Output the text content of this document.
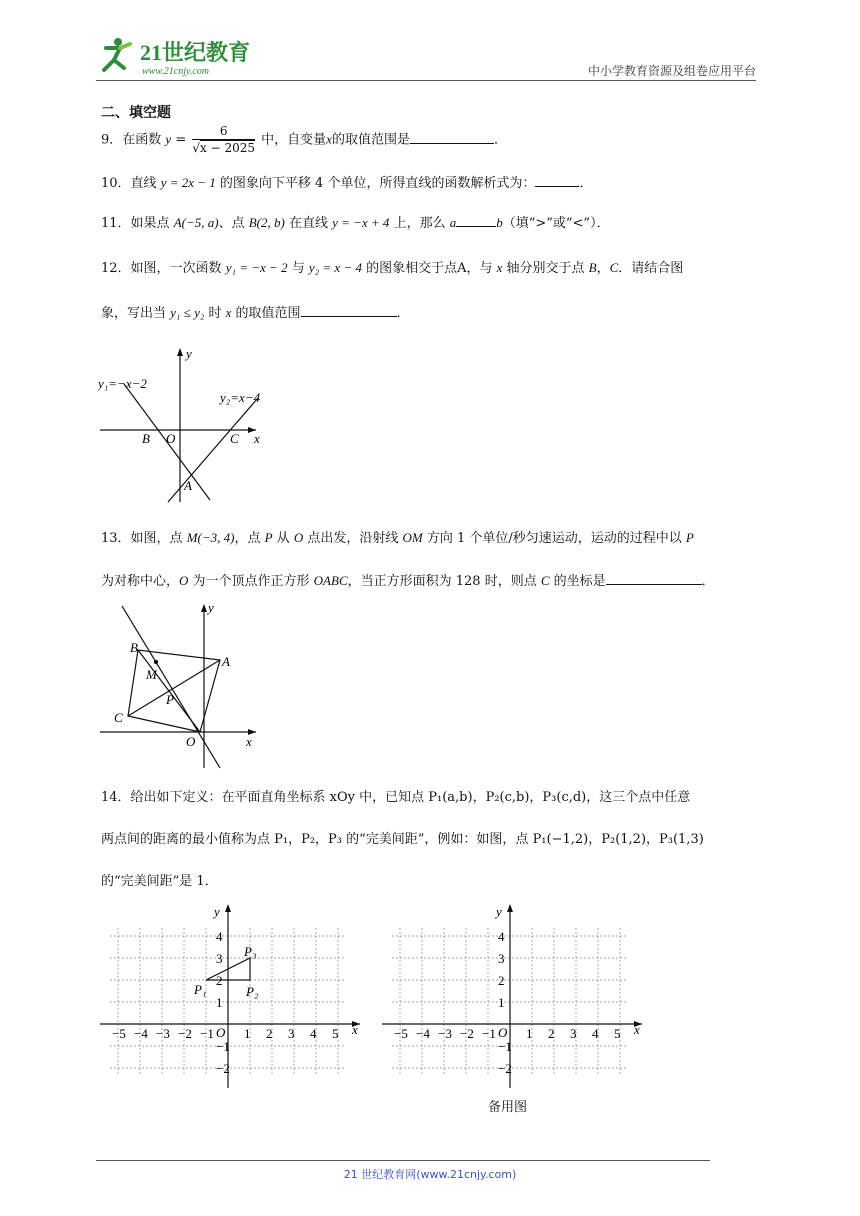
21世纪教育
www.21cnjy.com	中小学教育资源及组卷应用平台
二、填空题
9．在函数 $y = \frac{6}{√x - 2025}$ 中，自变量x的取值范围是	．
10．直线 y = 2x − 1 的图象向下平移 4 个单位，所得直线的函数解析式为：	．
11．如果点 A(−5, a)、点 B(2, b) 在直线 y = −x + 4 上，那么 a	b（填“>”或“<”）．
12．如图，一次函数 y₁ = −x − 2 与 y₂ = x − 4 的图象相交于点A，与 x 轴分别交于点 B，C．请结合图
象，写出当 y₁ ≤ y₂ 时 x 的取值范围	．
y₁=−x−2
y₂=x−4
B O	C
A
x
y
13．如图，点 M(−3, 4)，点 P 从 O 点出发，沿射线 OM 方向 1 个单位/秒匀速运动，运动的过程中以 P
为对称中心，O 为一个顶点作正方形 OABC，当正方形面积为 128 时，则点 C 的坐标是	．
B
M
A
P
C
O	x
y
14．给出如下定义：在平面直角坐标系 xOy 中，已知点 P₁(a,b)，P₂(c,b)，P₃(c,d)，这三个点中任意
两点间的距离的最小值称为点 P₁，P₂，P₃ 的“完美间距”，例如：如图，点 P₁(−1,2)，P₂(1,2)，P₃(1,3)
的“完美间距”是 1．
−5 −4 −3 −2 −1 1 2 3 4 5
4
3
2
1
−1
−2
O	x
y
P₁	P₂
P₃
−5 −4 −3 −2 −1 1 2 3 4 5
4
3
2
1
−1
−2
O	x
y
备用图
21 世纪教育网(www.21cnjy.com)
